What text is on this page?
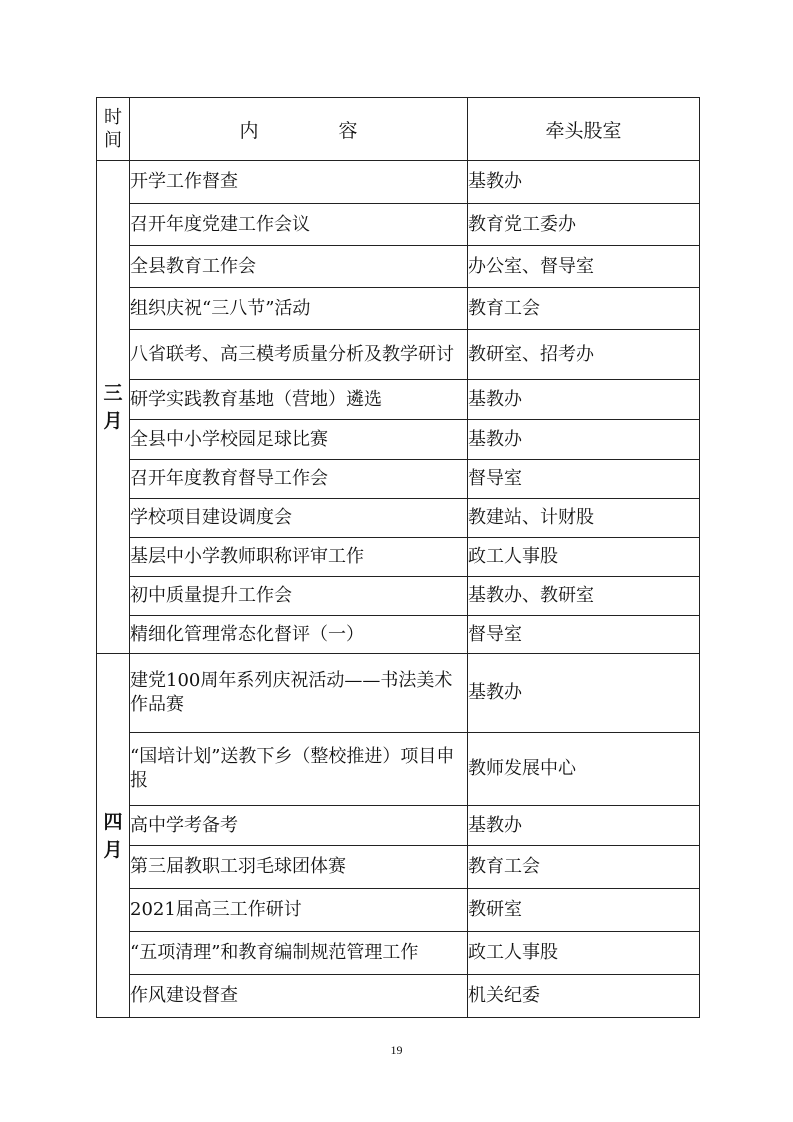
时
间	内 容	牵头股室
三
月	开学工作督查	基教办
	召开年度党建工作会议	教育党工委办
	全县教育工作会	办公室、督导室
	组织庆祝“三八节”活动	教育工会
	八省联考、高三模考质量分析及教学研讨	教研室、招考办
	研学实践教育基地（营地）遴选	基教办
	全县中小学校园足球比赛	基教办
	召开年度教育督导工作会	督导室
	学校项目建设调度会	教建站、计财股
	基层中小学教师职称评审工作	政工人事股
	初中质量提升工作会	基教办、教研室
	精细化管理常态化督评（一）	督导室
四
月	建党100周年系列庆祝活动——书法美术作品赛	基教办
	“国培计划”送教下乡（整校推进）项目申报	教师发展中心
	高中学考备考	基教办
	第三届教职工羽毛球团体赛	教育工会
	2021届高三工作研讨	教研室
	“五项清理”和教育编制规范管理工作	政工人事股
	作风建设督查	机关纪委
19
